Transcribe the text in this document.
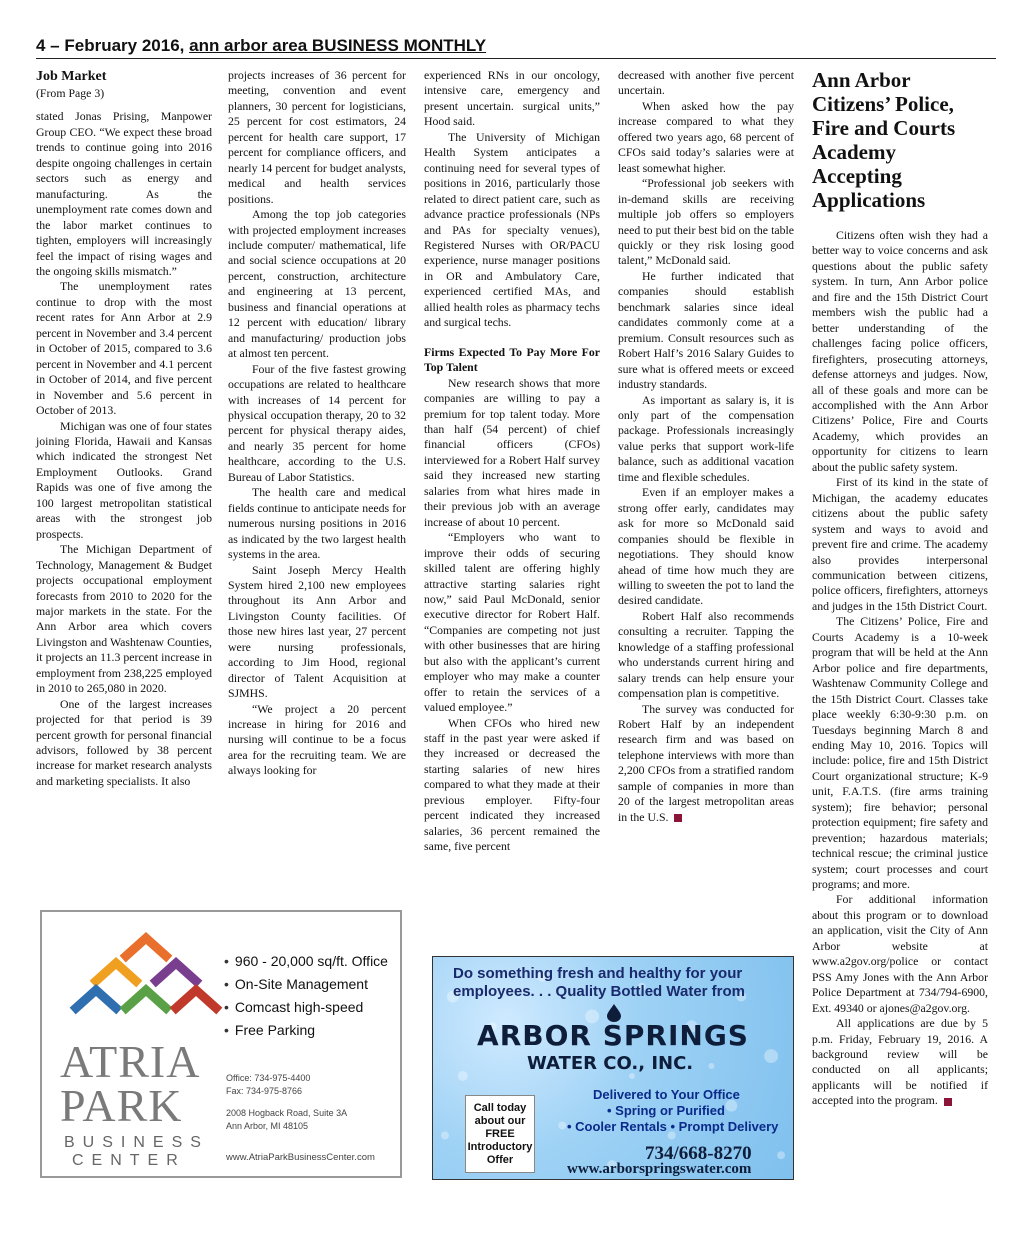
4 – February 2016, ann arbor area BUSINESS MONTHLY

Job Market

(From Page 3)

stated Jonas Prising, Manpower Group CEO. “We expect these broad trends to continue going into 2016 despite ongoing challenges in certain sectors such as energy and manufacturing. As the unemployment rate comes down and the labor market continues to tighten, employers will increasingly feel the impact of rising wages and the ongoing skills mismatch.”

The unemployment rates continue to drop with the most recent rates for Ann Arbor at 2.9 percent in November and 3.4 percent in October of 2015, compared to 3.6 percent in November and 4.1 percent in October of 2014, and five percent in November and 5.6 percent in October of 2013.

Michigan was one of four states joining Florida, Hawaii and Kansas which indicated the strongest Net Employment Outlooks. Grand Rapids was one of five among the 100 largest metropolitan statistical areas with the strongest job prospects.

The Michigan Department of Technology, Management & Budget projects occupational employment forecasts from 2010 to 2020 for the major markets in the state. For the Ann Arbor area which covers Livingston and Washtenaw Counties, it projects an 11.3 percent increase in employment from 238,225 employed in 2010 to 265,080 in 2020.

One of the largest increases projected for that period is 39 percent growth for personal financial advisors, followed by 38 percent increase for market research analysts and marketing specialists. It also

projects increases of 36 percent for meeting, convention and event planners, 30 percent for logisticians, 25 percent for cost estimators, 24 percent for health care support, 17 percent for compliance officers, and nearly 14 percent for budget analysts, medical and health services positions.

Among the top job categories with projected employment increases include computer/ mathematical, life and social science occupations at 20 percent, construction, architecture and engineering at 13 percent, business and financial operations at 12 percent with education/ library and manufacturing/ production jobs at almost ten percent.

Four of the five fastest growing occupations are related to healthcare with increases of 14 percent for physical occupation therapy, 20 to 32 percent for physical therapy aides, and nearly 35 percent for home healthcare, according to the U.S. Bureau of Labor Statistics.

The health care and medical fields continue to anticipate needs for numerous nursing positions in 2016 as indicated by the two largest health systems in the area.

Saint Joseph Mercy Health System hired 2,100 new employees throughout its Ann Arbor and Livingston County facilities. Of those new hires last year, 27 percent were nursing professionals, according to Jim Hood, regional director of Talent Acquisition at SJMHS.

“We project a 20 percent increase in hiring for 2016 and nursing will continue to be a focus area for the recruiting team. We are always looking for

experienced RNs in our oncology, intensive care, emergency and present uncertain. surgical units,” Hood said.

The University of Michigan Health System anticipates a continuing need for several types of positions in 2016, particularly those related to direct patient care, such as advance practice professionals (NPs and PAs for specialty venues), Registered Nurses with OR/PACU experience, nurse manager positions in OR and Ambulatory Care, experienced certified MAs, and allied health roles as pharmacy techs and surgical techs.

Firms Expected To Pay More For Top Talent

New research shows that more companies are willing to pay a premium for top talent today. More than half (54 percent) of chief financial officers (CFOs) interviewed for a Robert Half survey said they increased new starting salaries from what hires made in their previous job with an average increase of about 10 percent.

“Employers who want to improve their odds of securing skilled talent are offering highly attractive starting salaries right now,” said Paul McDonald, senior executive director for Robert Half. “Companies are competing not just with other businesses that are hiring but also with the applicant’s current employer who may make a counter offer to retain the services of a valued employee.”

When CFOs who hired new staff in the past year were asked if they increased or decreased the starting salaries of new hires compared to what they made at their previous employer. Fifty-four percent indicated they increased salaries, 36 percent remained the same, five percent

decreased with another five percent uncertain.

When asked how the pay increase compared to what they offered two years ago, 68 percent of CFOs said today’s salaries were at least somewhat higher.

“Professional job seekers with in-demand skills are receiving multiple job offers so employers need to put their best bid on the table quickly or they risk losing good talent,” McDonald said.

He further indicated that companies should establish benchmark salaries since ideal candidates commonly come at a premium. Consult resources such as Robert Half’s 2016 Salary Guides to sure what is offered meets or exceed industry standards.

As important as salary is, it is only part of the compensation package. Professionals increasingly value perks that support work-life balance, such as additional vacation time and flexible schedules.

Even if an employer makes a strong offer early, candidates may ask for more so McDonald said companies should be flexible in negotiations. They should know ahead of time how much they are willing to sweeten the pot to land the desired candidate.

Robert Half also recommends consulting a recruiter. Tapping the knowledge of a staffing professional who understands current hiring and salary trends can help ensure your compensation plan is competitive.

The survey was conducted for Robert Half by an independent research firm and was based on telephone interviews with more than 2,200 CFOs from a stratified random sample of companies in more than 20 of the largest metropolitan areas in the U.S.

Ann Arbor Citizens’ Police, Fire and Courts Academy Accepting Applications

Citizens often wish they had a better way to voice concerns and ask questions about the public safety system. In turn, Ann Arbor police and fire and the 15th District Court members wish the public had a better understanding of the challenges facing police officers, firefighters, prosecuting attorneys, defense attorneys and judges. Now, all of these goals and more can be accomplished with the Ann Arbor Citizens’ Police, Fire and Courts Academy, which provides an opportunity for citizens to learn about the public safety system.

First of its kind in the state of Michigan, the academy educates citizens about the public safety system and ways to avoid and prevent fire and crime. The academy also provides interpersonal communication between citizens, police officers, firefighters, attorneys and judges in the 15th District Court.

The Citizens’ Police, Fire and Courts Academy is a 10-week program that will be held at the Ann Arbor police and fire departments, Washtenaw Community College and the 15th District Court. Classes take place weekly 6:30-9:30 p.m. on Tuesdays beginning March 8 and ending May 10, 2016. Topics will include: police, fire and 15th District Court organizational structure; K-9 unit, F.A.T.S. (fire arms training system); fire behavior; personal protection equipment; fire safety and prevention; hazardous materials; technical rescue; the criminal justice system; court processes and court programs; and more.

For additional information about this program or to download an application, visit the City of Ann Arbor website at www.a2gov.org/police or contact PSS Amy Jones with the Ann Arbor Police Department at 734/794-6900, Ext. 49340 or ajones@a2gov.org.

All applications are due by 5 p.m. Friday, February 19, 2016. A background review will be conducted on all applicants; applicants will be notified if accepted into the program.

ATRIA
PARK
BUSINESS
CENTER
• 960 - 20,000 sq/ft. Office
• On-Site Management
• Comcast high-speed
• Free Parking
Office: 734-975-4400
Fax: 734-975-8766
2008 Hogback Road, Suite 3A
Ann Arbor, MI 48105
www.AtriaParkBusinessCenter.com
Do something fresh and healthy for your employees. . . Quality Bottled Water from
ARBOR SPRINGS
WATER CO., INC.
Call today
about our
FREE
Introductory
Offer
Delivered to Your Office
• Spring or Purified
• Cooler Rentals • Prompt Delivery
734/668-8270
www.arborspringswater.com
